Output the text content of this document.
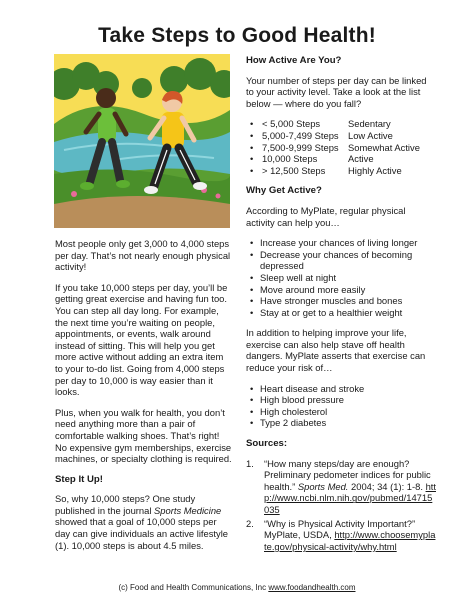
Take Steps to Good Health!

Most people only get 3,000 to 4,000 steps per day. That’s not nearly enough physical activity!

If you take 10,000 steps per day, you’ll be getting great exercise and having fun too. You can step all day long. For example, the next time you’re waiting on people, appointments, or events, walk around instead of sitting. This will help you get more active without adding an extra item to your to-do list. Going from 4,000 steps per day to 10,000 is way easier than it looks.

Plus, when you walk for health, you don’t need anything more than a pair of comfortable walking shoes. That’s right! No expensive gym memberships, exercise machines, or specialty clothing is required.

Step It Up!

So, why 10,000 steps? One study published in the journal Sports Medicine showed that a goal of 10,000 steps per day can give individuals an active lifestyle (1). 10,000 steps is about 4.5 miles.

How Active Are You?

Your number of steps per day can be linked to your activity level. Take a look at the list below — where do you fall?

• < 5,000 Steps	Sedentary
• 5,000-7,499 Steps Low Active
• 7,500-9,999 Steps Somewhat Active
• 10,000 Steps	Active
• > 12,500 Steps Highly Active
Why Get Active?

According to MyPlate, regular physical activity can help you…

• Increase your chances of living longer
• Decrease your chances of becoming depressed
• Sleep well at night
• Move around more easily
• Have stronger muscles and bones
• Stay at or get to a healthier weight

In addition to helping improve your life, exercise can also help stave off health dangers. MyPlate asserts that exercise can reduce your risk of…

• Heart disease and stroke
• High blood pressure
• High cholesterol
• Type 2 diabetes
Sources:
1. “How many steps/day are enough? Preliminary pedometer indices for public health.” Sports Med. 2004; 34 (1): 1-8. http://www.ncbi.nlm.nih.gov/pubmed/14715035
2. “Why is Physical Activity Important?” MyPlate, USDA, http://www.choosemyplate.gov/physical-activity/why.html
(c) Food and Health Communications, Inc www.foodandhealth.com
